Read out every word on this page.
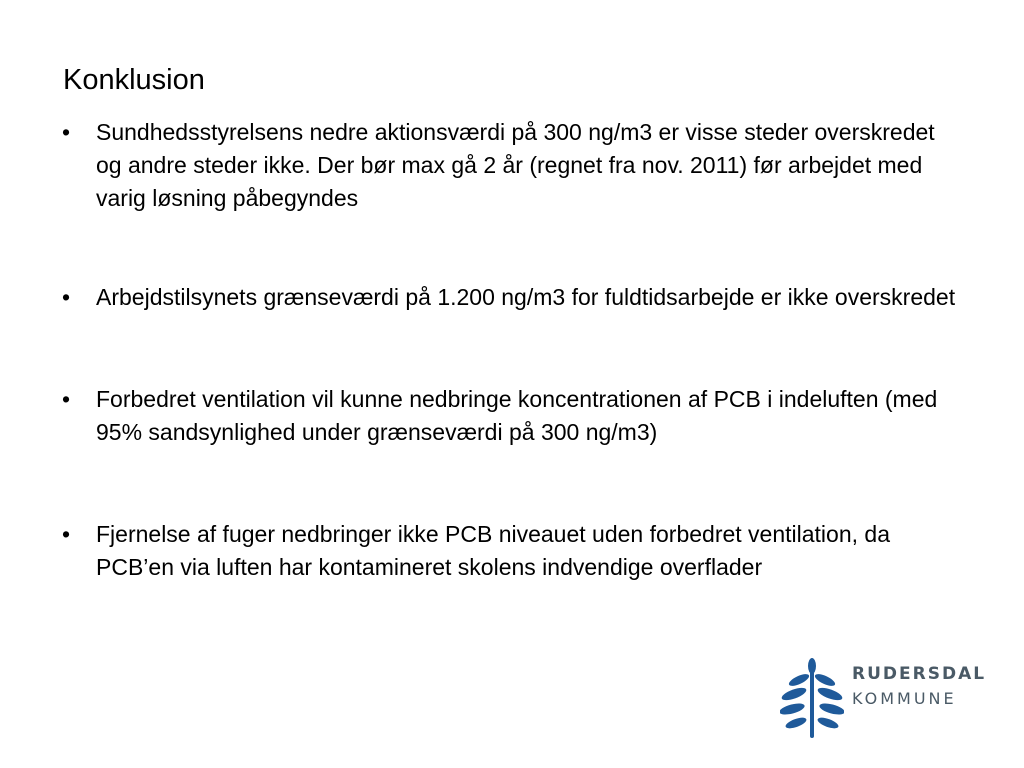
Konklusion
• Sundhedsstyrelsens nedre aktionsværdi på 300 ng/m3 er visse steder overskredet og andre steder ikke. Der bør max gå 2 år (regnet fra nov. 2011) før arbejdet med varig løsning påbegyndes
• Arbejdstilsynets grænseværdi på 1.200 ng/m3 for fuldtidsarbejde er ikke overskredet
• Forbedret ventilation vil kunne nedbringe koncentrationen af PCB i indeluften (med 95% sandsynlighed under grænseværdi på 300 ng/m3)
• Fjernelse af fuger nedbringer ikke PCB niveauet uden forbedret ventilation, da PCB’en via luften har kontamineret skolens indvendige overflader
RUDERSDAL
KOMMUNE
